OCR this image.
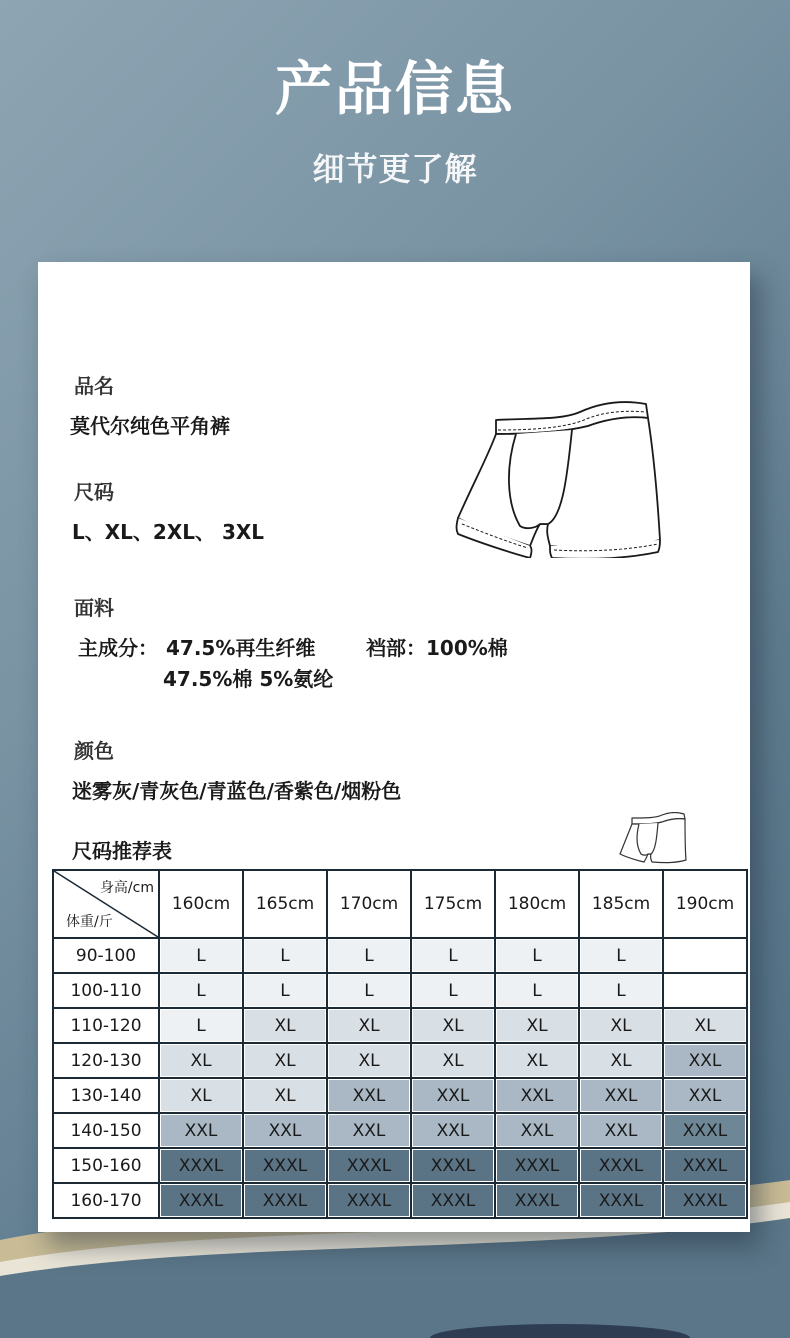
产品信息
细节更了解
品名
莫代尔纯色平角裤
尺码
L、XL、2XL、 3XL
面料
主成分： 47.5%再生纤维	裆部：100%棉
47.5%棉 5%氨纶
颜色
迷雾灰/青灰色/青蓝色/香紫色/烟粉色
尺码推荐表
身高/cm
体重/斤	160cm	165cm	170cm	175cm	180cm	185cm	190cm

90-100	L	L	L	L	L	L	

100-110	L	L	L	L	L	L	

110-120	L	XL	XL	XL	XL	XL	XL

120-130	XL	XL	XL	XL	XL	XL	XXL

130-140	XL	XL	XXL	XXL	XXL	XXL	XXL

140-150	XXL	XXL	XXL	XXL	XXL	XXL	XXXL

150-160	XXXL	XXXL	XXXL	XXXL	XXXL	XXXL	XXXL

160-170	XXXL	XXXL	XXXL	XXXL	XXXL	XXXL	XXXL
